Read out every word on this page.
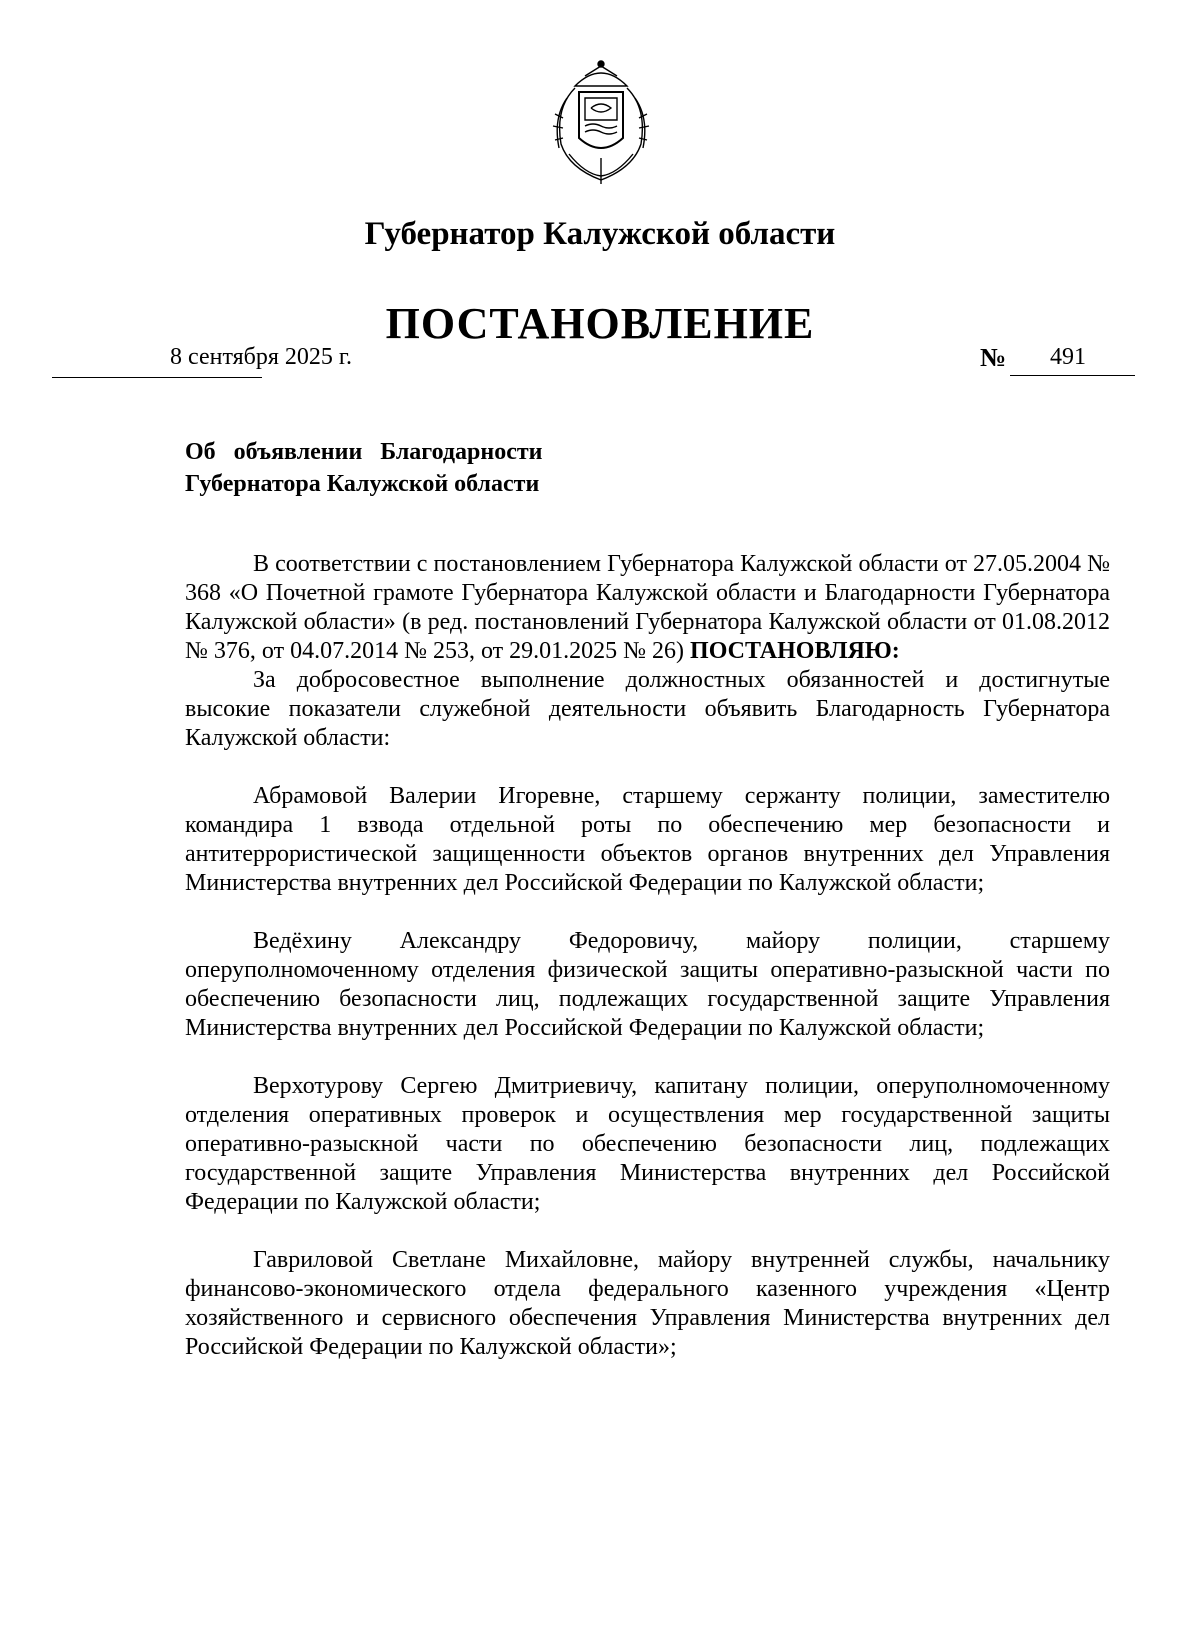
Губернатор Калужской области
ПОСТАНОВЛЕНИЕ
8 сентября 2025 г.	№ 491
Об объявлении Благодарности
Губернатора Калужской области

В соответствии с постановлением Губернатора Калужской области от 27.05.2004 № 368 «О Почетной грамоте Губернатора Калужской области и Благодарности Губернатора Калужской области» (в ред. постановлений Губернатора Калужской области от 01.08.2012 № 376, от 04.07.2014 № 253, от 29.01.2025 № 26) ПОСТАНОВЛЯЮ:

За добросовестное выполнение должностных обязанностей и достигнутые высокие показатели служебной деятельности объявить Благодарность Губернатора Калужской области:

Абрамовой Валерии Игоревне, старшему сержанту полиции, заместителю командира 1 взвода отдельной роты по обеспечению мер безопасности и антитеррористической защищенности объектов органов внутренних дел Управления Министерства внутренних дел Российской Федерации по Калужской области;

Ведёхину Александру Федоровичу, майору полиции, старшему оперуполномоченному отделения физической защиты оперативно-разыскной части по обеспечению безопасности лиц, подлежащих государственной защите Управления Министерства внутренних дел Российской Федерации по Калужской области;

Верхотурову Сергею Дмитриевичу, капитану полиции, оперуполномоченному отделения оперативных проверок и осуществления мер государственной защиты оперативно-разыскной части по обеспечению безопасности лиц, подлежащих государственной защите Управления Министерства внутренних дел Российской Федерации по Калужской области;

Гавриловой Светлане Михайловне, майору внутренней службы, начальнику финансово-экономического отдела федерального казенного учреждения «Центр хозяйственного и сервисного обеспечения Управления Министерства внутренних дел Российской Федерации по Калужской области»;
